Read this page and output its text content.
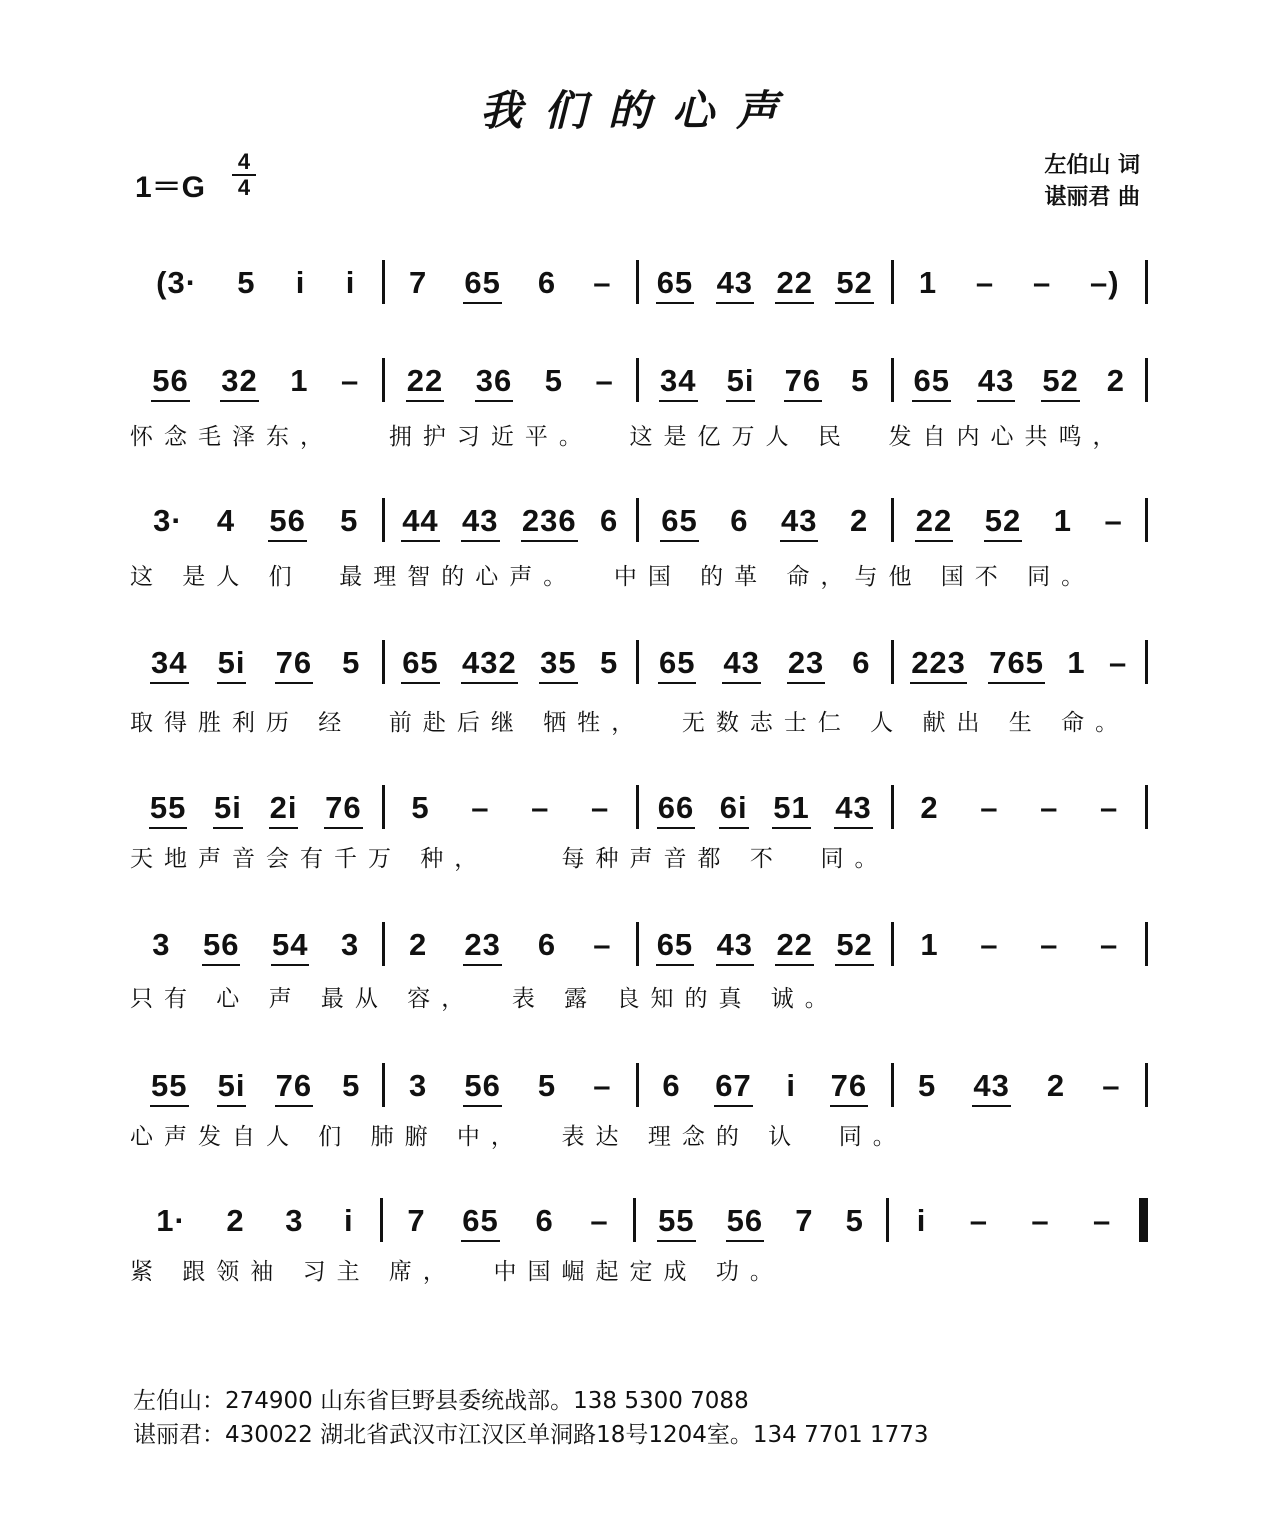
我们的心声
1＝G
4
4
左伯山 词
谌丽君 曲
(3· 5 i i 7 65 6 – 65 43 22 52 1 – – –)
56 32 1 – 22 36 5 – 34 5i 76 5 65 43 52 2
怀念毛泽东，   拥护习近平。  这是亿万人 民  发自内心共鸣，
3· 4 56 5 44 43 236 6 65 6 43 2 22 52 1 –
这 是人 们  最理智的心声。  中国 的革 命，与他 国不 同。
34 5i 76 5 65 432 35 5 65 43 23 6 223 765 1 –
取得胜利历 经  前赴后继 牺牲，  无数志士仁 人 献出 生 命。
55 5i 2i 76 5 – – – 66 6i 51 43 2 – – –
天地声音会有千万 种，    每种声音都 不  同。
3 56 54 3 2 23 6 – 65 43 22 52 1 – – –
只有 心 声 最从 容，  表 露 良知的真 诚。
55 5i 76 5 3 56 5 – 6 67 i 76 5 43 2 –
心声发自人 们 肺腑 中，  表达 理念的 认  同。
1· 2 3 i 7 65 6 – 55 56 7 5 i – – –
紧 跟领袖 习主 席，  中国崛起定成 功。
左伯山：274900 山东省巨野县委统战部。138 5300 7088
谌丽君：430022 湖北省武汉市江汉区单洞路18号1204室。134 7701 1773
